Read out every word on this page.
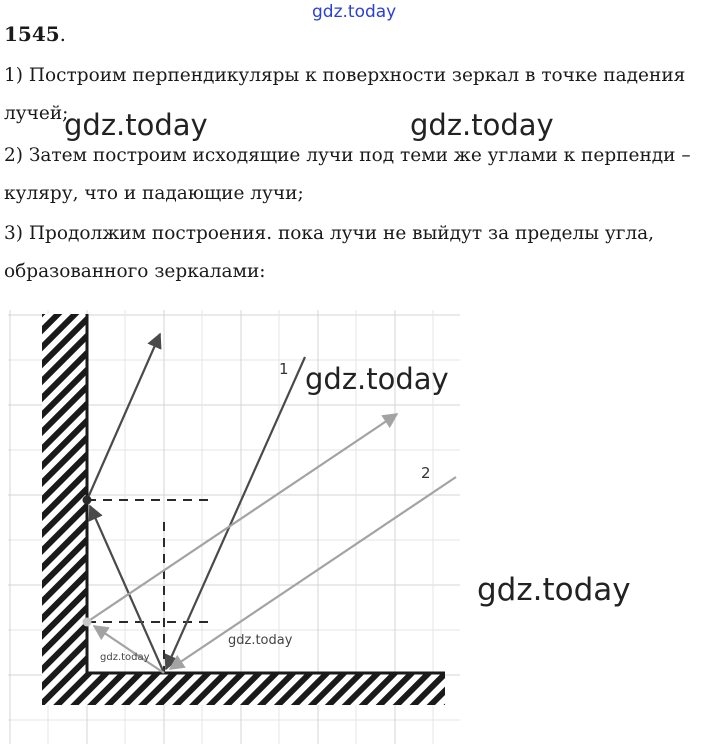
gdz.today
1545.
1) Построим перпендикуляры к поверхности зеркал в точке падения
лучей;
2) Затем построим исходящие лучи под теми же углами к перпенди –
куляру, что и падающие лучи;
3) Продолжим построения. пока лучи не выйдут за пределы угла,
образованного зеркалами:
gdz.today	gdz.today
1
2
gdz.today
gdz.today
gdz.today
gdz.today
